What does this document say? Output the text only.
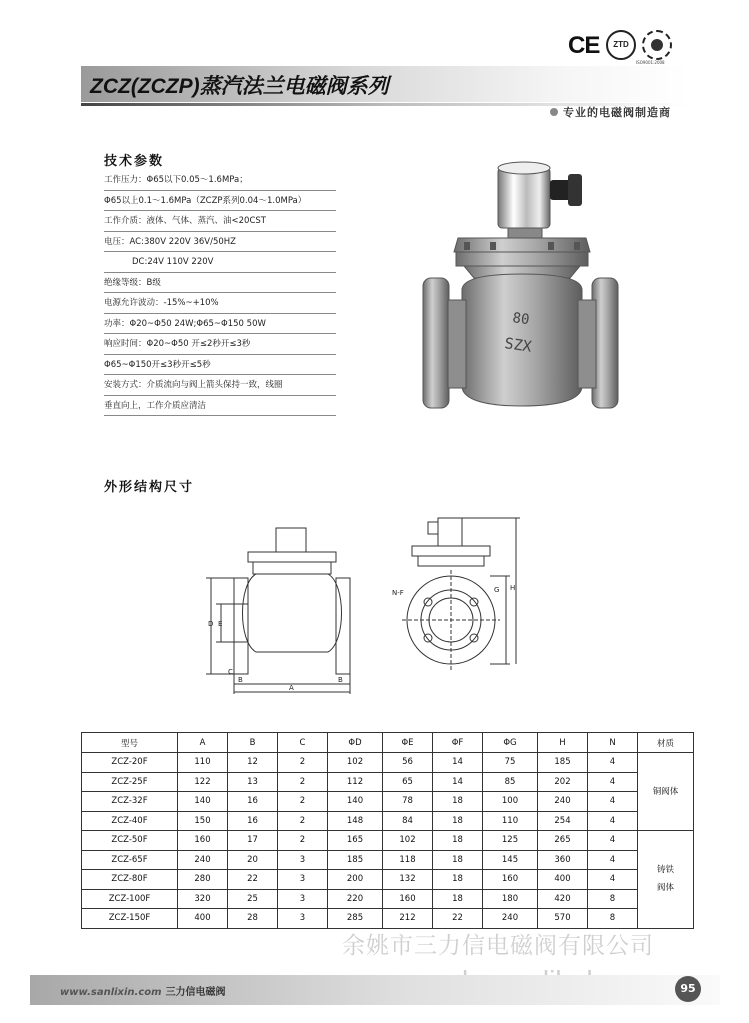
CE	ZTD
ISO9001:2008
ZCZ(ZCZP)蒸汽法兰电磁阀系列
专业的电磁阀制造商
技术参数
工作压力：Φ65以下0.05～1.6MPa；
Φ65以上0.1～1.6MPa（ZCZP系列0.04～1.0MPa）
工作介质：液体、气体、蒸汽、油<20CST
电压：AC:380V 220V 36V/50HZ
DC:24V 110V 220V
绝缘等级：B级
电源允许波动：-15%~+10%
功率：Φ20~Φ50 24W;Φ65~Φ150 50W
响应时间：Φ20~Φ50 开≤2秒开≤3秒
Φ65~Φ150开≤3秒开≤5秒
安装方式：介质流向与阀上箭头保持一致，线圈
垂直向上，工作介质应清洁
80
SZX
外形结构尺寸
D E
C
B	B
A
N-F	G H
型号	A	B	C	ΦD	ΦE	ΦF	ΦG	H	N	材质
ZCZ-20F	110	12	2	102	56	14	75	185	4	铜阀体
ZCZ-25F	122	13	2	112	65	14	85	202	4	
ZCZ-32F	140	16	2	140	78	18	100	240	4	
ZCZ-40F	150	16	2	148	84	18	110	254	4	
ZCZ-50F	160	17	2	165	102	18	125	265	4	铸铁
阀体

ZCZ-65F	240	20	3	185	118	18	145	360	4	
ZCZ-80F	280	22	3	200	132	18	160	400	4	
ZCZ-100F	320	25	3	220	160	18	180	420	8	
ZCZ-150F	400	28	3	285	212	22	240	570	8	
余姚市三力信电磁阀有限公司
www.sanlixin.com 三力信电磁阀	95
